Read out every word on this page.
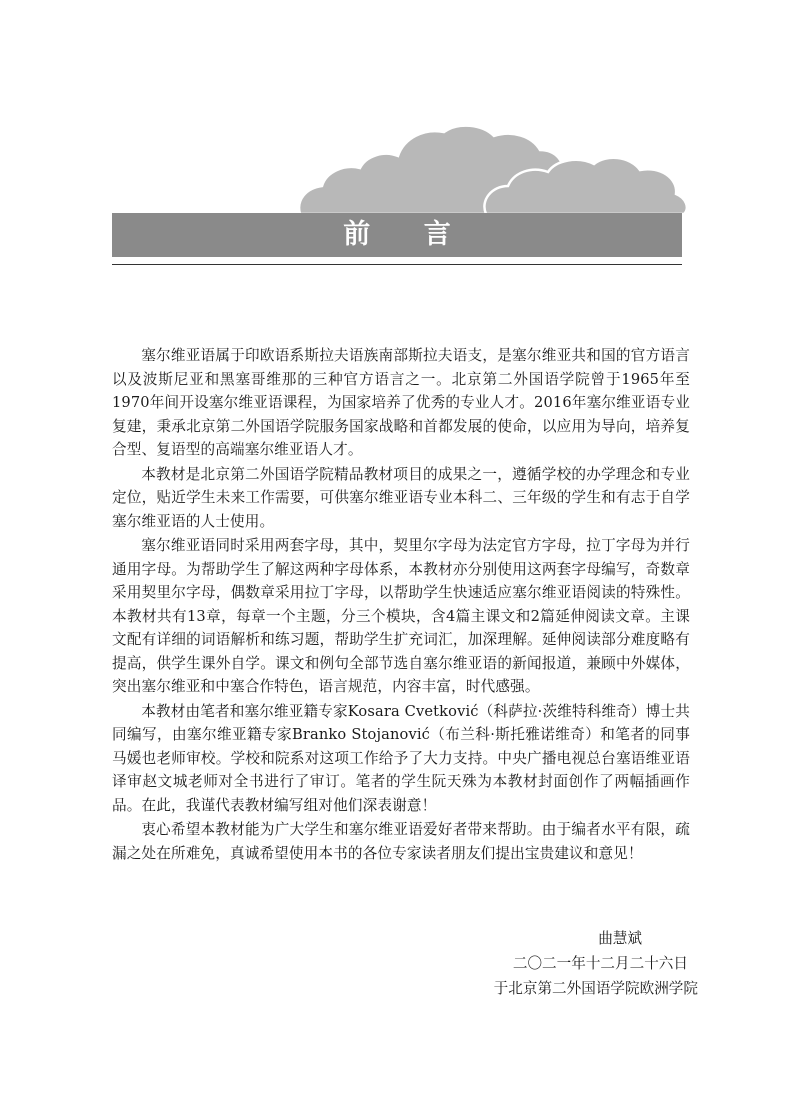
前 言

塞尔维亚语属于印欧语系斯拉夫语族南部斯拉夫语支，是塞尔维亚共和国的官方语言以及波斯尼亚和黑塞哥维那的三种官方语言之一。北京第二外国语学院曾于1965年至1970年间开设塞尔维亚语课程，为国家培养了优秀的专业人才。2016年塞尔维亚语专业复建，秉承北京第二外国语学院服务国家战略和首都发展的使命，以应用为导向，培养复合型、复语型的高端塞尔维亚语人才。

本教材是北京第二外国语学院精品教材项目的成果之一，遵循学校的办学理念和专业定位，贴近学生未来工作需要，可供塞尔维亚语专业本科二、三年级的学生和有志于自学塞尔维亚语的人士使用。

塞尔维亚语同时采用两套字母，其中，契里尔字母为法定官方字母，拉丁字母为并行通用字母。为帮助学生了解这两种字母体系，本教材亦分别使用这两套字母编写，奇数章采用契里尔字母，偶数章采用拉丁字母，以帮助学生快速适应塞尔维亚语阅读的特殊性。本教材共有13章，每章一个主题，分三个模块，含4篇主课文和2篇延伸阅读文章。主课文配有详细的词语解析和练习题，帮助学生扩充词汇，加深理解。延伸阅读部分难度略有提高，供学生课外自学。课文和例句全部节选自塞尔维亚语的新闻报道，兼顾中外媒体，突出塞尔维亚和中塞合作特色，语言规范，内容丰富，时代感强。

本教材由笔者和塞尔维亚籍专家Kosara Cvetković（科萨拉·茨维特科维奇）博士共同编写，由塞尔维亚籍专家Branko Stojanović（布兰科·斯托雅诺维奇）和笔者的同事马媛也老师审校。学校和院系对这项工作给予了大力支持。中央广播电视总台塞语维亚语译审赵文城老师对全书进行了审订。笔者的学生阮天殊为本教材封面创作了两幅插画作品。在此，我谨代表教材编写组对他们深表谢意！

衷心希望本教材能为广大学生和塞尔维亚语爱好者带来帮助。由于编者水平有限，疏漏之处在所难免，真诚希望使用本书的各位专家读者朋友们提出宝贵建议和意见！

曲慧斌
二〇二一年十二月二十六日
于北京第二外国语学院欧洲学院
